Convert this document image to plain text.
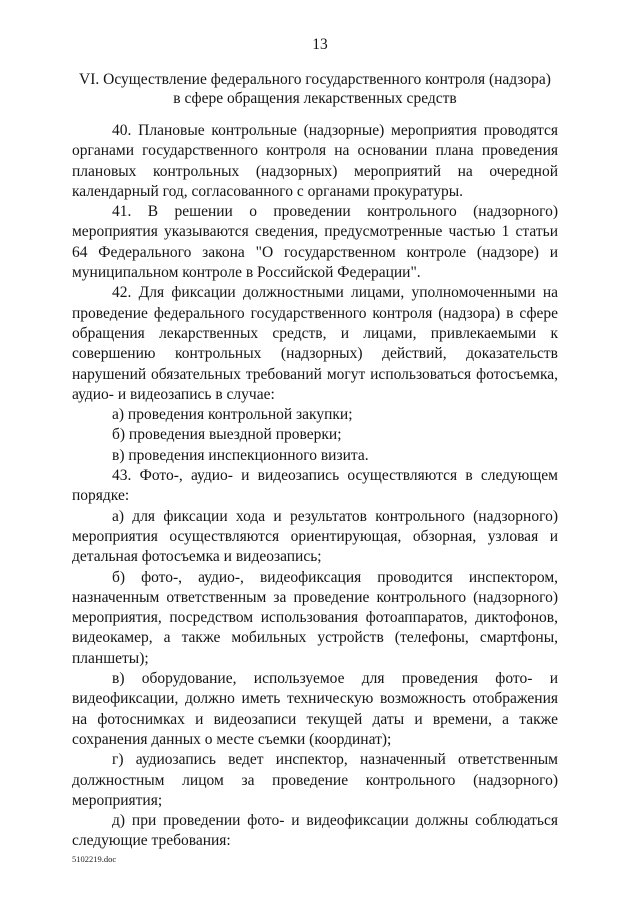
13
VI. Осуществление федерального государственного контроля (надзора)
в сфере обращения лекарственных средств

40. Плановые контрольные (надзорные) мероприятия проводятся органами государственного контроля на основании плана проведения плановых контрольных (надзорных) мероприятий на очередной календарный год, согласованного с органами прокуратуры.

41. В решении о проведении контрольного (надзорного) мероприятия указываются сведения, предусмотренные частью 1 статьи 64 Федерального закона "О государственном контроле (надзоре) и муниципальном контроле в Российской Федерации".

42. Для фиксации должностными лицами, уполномоченными на проведение федерального государственного контроля (надзора) в сфере обращения лекарственных средств, и лицами, привлекаемыми к совершению контрольных (надзорных) действий, доказательств нарушений обязательных требований могут использоваться фотосъемка, аудио- и видеозапись в случае:

а) проведения контрольной закупки;

б) проведения выездной проверки;

в) проведения инспекционного визита.

43. Фото-, аудио- и видеозапись осуществляются в следующем порядке:

а) для фиксации хода и результатов контрольного (надзорного) мероприятия осуществляются ориентирующая, обзорная, узловая и детальная фотосъемка и видеозапись;

б) фото-, аудио-, видеофиксация проводится инспектором, назначенным ответственным за проведение контрольного (надзорного) мероприятия, посредством использования фотоаппаратов, диктофонов, видеокамер, а также мобильных устройств (телефоны, смартфоны, планшеты);

в) оборудование, используемое для проведения фото- и видеофиксации, должно иметь техническую возможность отображения на фотоснимках и видеозаписи текущей даты и времени, а также сохранения данных о месте съемки (координат);

г) аудиозапись ведет инспектор, назначенный ответственным должностным лицом за проведение контрольного (надзорного) мероприятия;

д) при проведении фото- и видеофиксации должны соблюдаться следующие требования:

5102219.doc
